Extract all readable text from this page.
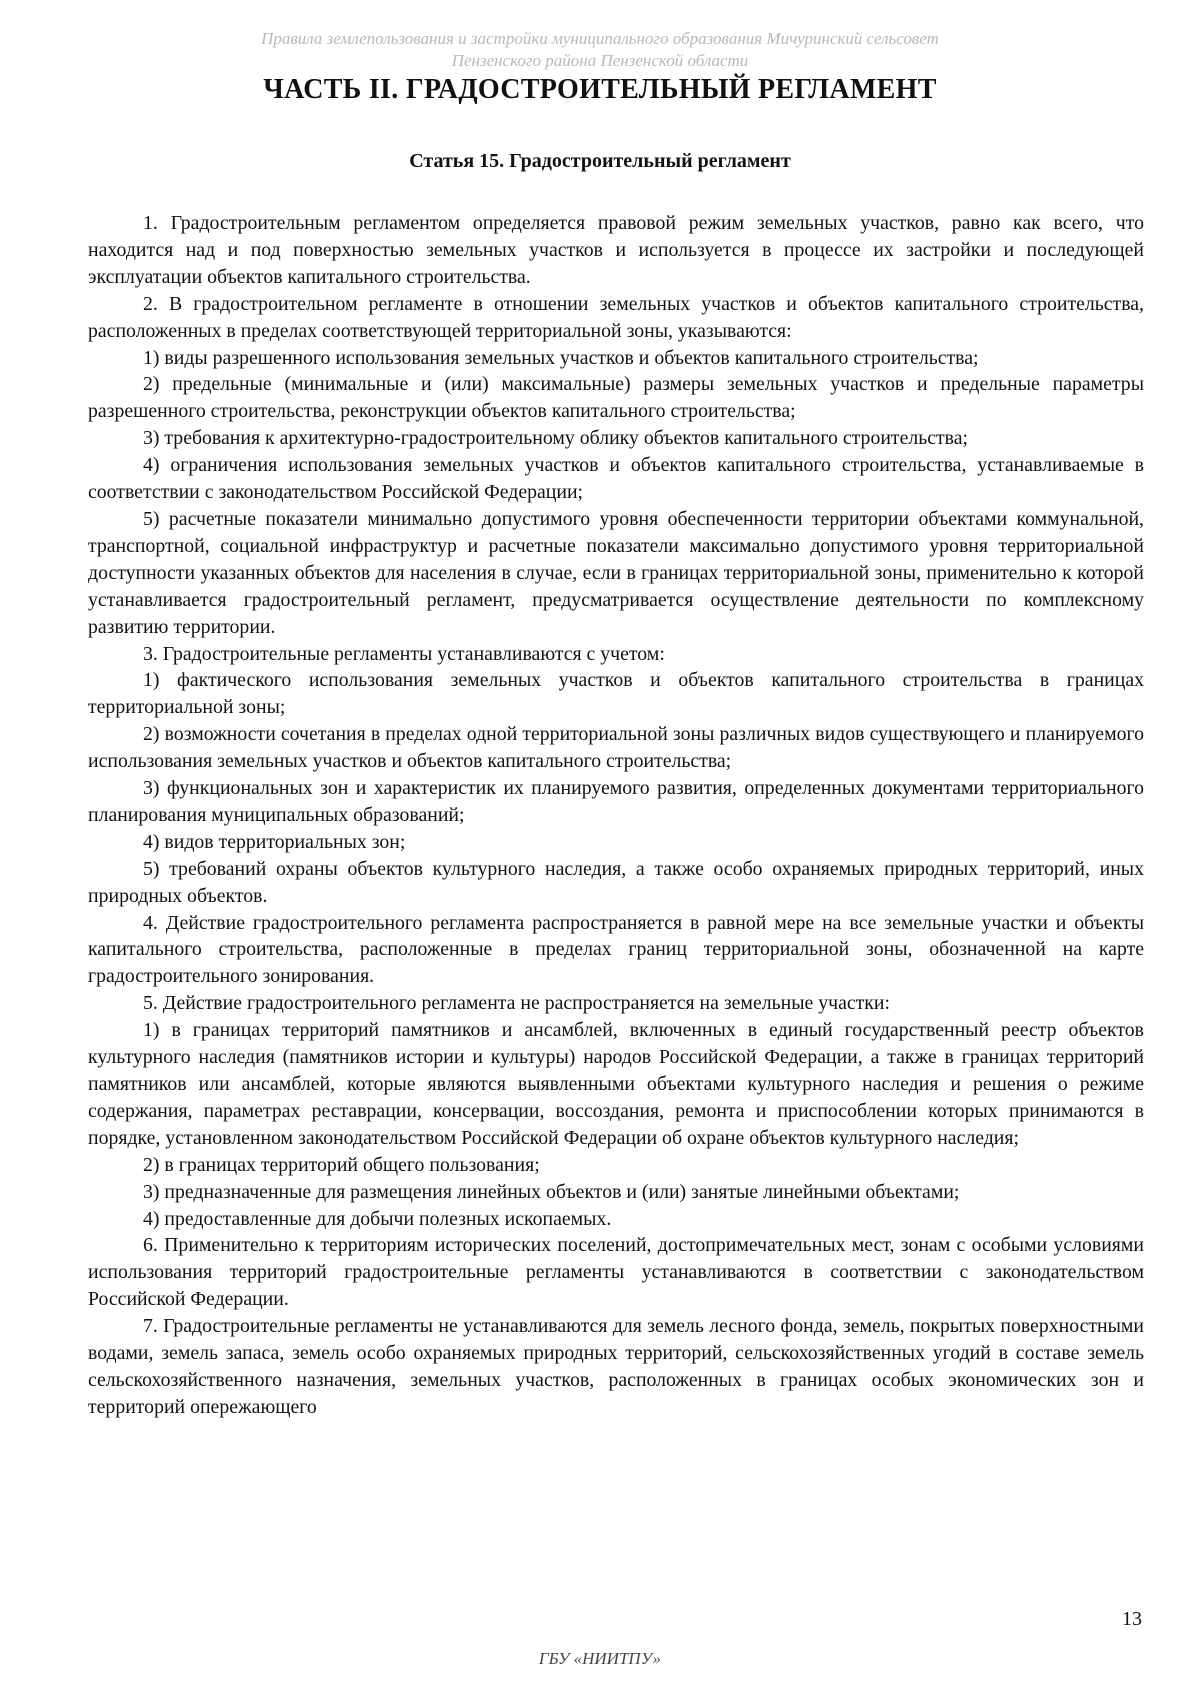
Правила землепользования и застройки муниципального образования Мичуринский сельсовет
Пензенского района Пензенской области
ЧАСТЬ II. ГРАДОСТРОИТЕЛЬНЫЙ РЕГЛАМЕНТ
Статья 15. Градостроительный регламент

1. Градостроительным регламентом определяется правовой режим земельных участков, равно как всего, что находится над и под поверхностью земельных участков и используется в процессе их застройки и последующей эксплуатации объектов капитального строительства.

2. В градостроительном регламенте в отношении земельных участков и объектов капитального строительства, расположенных в пределах соответствующей территориальной зоны, указываются:

1) виды разрешенного использования земельных участков и объектов капитального строительства;

2) предельные (минимальные и (или) максимальные) размеры земельных участков и предельные параметры разрешенного строительства, реконструкции объектов капитального строительства;

3) требования к архитектурно-градостроительному облику объектов капитального строительства;

4) ограничения использования земельных участков и объектов капитального строительства, устанавливаемые в соответствии с законодательством Российской Федерации;

5) расчетные показатели минимально допустимого уровня обеспеченности территории объектами коммунальной, транспортной, социальной инфраструктур и расчетные показатели максимально допустимого уровня территориальной доступности указанных объектов для населения в случае, если в границах территориальной зоны, применительно к которой устанавливается градостроительный регламент, предусматривается осуществление деятельности по комплексному развитию территории.

3. Градостроительные регламенты устанавливаются с учетом:

1) фактического использования земельных участков и объектов капитального строительства в границах территориальной зоны;

2) возможности сочетания в пределах одной территориальной зоны различных видов существующего и планируемого использования земельных участков и объектов капитального строительства;

3) функциональных зон и характеристик их планируемого развития, определенных документами территориального планирования муниципальных образований;

4) видов территориальных зон;

5) требований охраны объектов культурного наследия, а также особо охраняемых природных территорий, иных природных объектов.

4. Действие градостроительного регламента распространяется в равной мере на все земельные участки и объекты капитального строительства, расположенные в пределах границ территориальной зоны, обозначенной на карте градостроительного зонирования.

5. Действие градостроительного регламента не распространяется на земельные участки:

1) в границах территорий памятников и ансамблей, включенных в единый государственный реестр объектов культурного наследия (памятников истории и культуры) народов Российской Федерации, а также в границах территорий памятников или ансамблей, которые являются выявленными объектами культурного наследия и решения о режиме содержания, параметрах реставрации, консервации, воссоздания, ремонта и приспособлении которых принимаются в порядке, установленном законодательством Российской Федерации об охране объектов культурного наследия;

2) в границах территорий общего пользования;

3) предназначенные для размещения линейных объектов и (или) занятые линейными объектами;

4) предоставленные для добычи полезных ископаемых.

6. Применительно к территориям исторических поселений, достопримечательных мест, зонам с особыми условиями использования территорий градостроительные регламенты устанавливаются в соответствии с законодательством Российской Федерации.

7. Градостроительные регламенты не устанавливаются для земель лесного фонда, земель, покрытых поверхностными водами, земель запаса, земель особо охраняемых природных территорий, сельскохозяйственных угодий в составе земель сельскохозяйственного назначения, земельных участков, расположенных в границах особых экономических зон и территорий опережающего

13
ГБУ «НИИТПУ»
